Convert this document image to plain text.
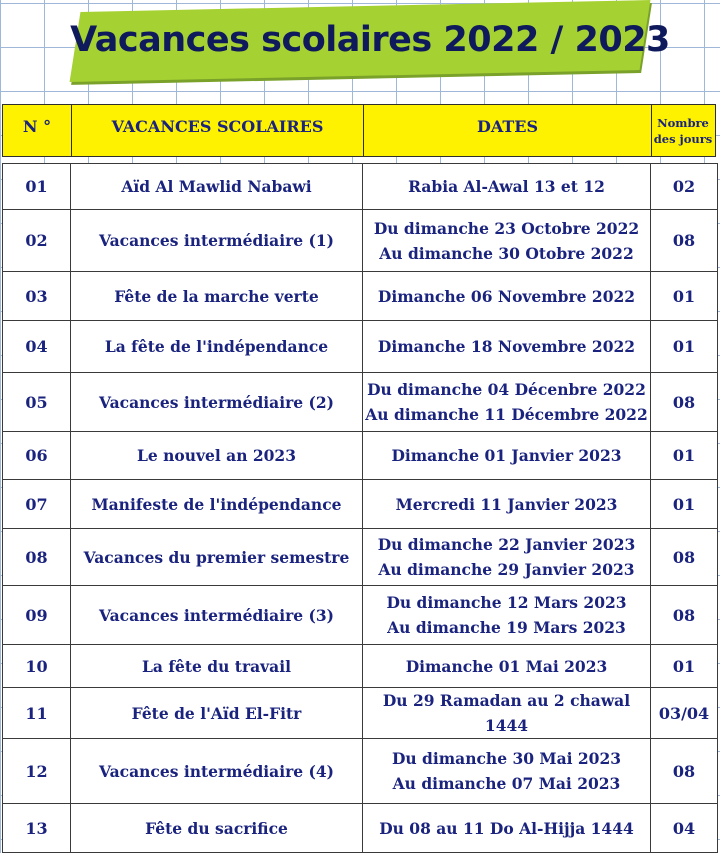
Vacances scolaires 2022 / 2023
N °	VACANCES SCOLAIRES	DATES	Nombre
des jours
01	Aïd Al Mawlid Nabawi	Rabia Al-Awal 13 et 12	02
02	Vacances intermédiaire (1)	Du dimanche 23 Octobre 2022
Au dimanche 30 Otobre 2022	08
03	Fête de la marche verte	Dimanche 06 Novembre 2022	01
04	La fête de l'indépendance	Dimanche 18 Novembre 2022	01
05	Vacances intermédiaire (2)	Du dimanche 04 Décenbre 2022
Au dimanche 11 Décembre 2022	08
06	Le nouvel an 2023	Dimanche 01 Janvier 2023	01
07	Manifeste de l'indépendance	Mercredi 11 Janvier 2023	01
08	Vacances du premier semestre	Du dimanche 22 Janvier 2023
Au dimanche 29 Janvier 2023	08
09	Vacances intermédiaire (3)	Du dimanche 12 Mars 2023
Au dimanche 19 Mars 2023	08
10	La fête du travail	Dimanche 01 Mai 2023	01
11	Fête de l'Aïd El-Fitr	Du 29 Ramadan au 2 chawal 1444	03/04
12	Vacances intermédiaire (4)	Du dimanche 30 Mai 2023
Au dimanche 07 Mai 2023	08
13	Fête du sacrifice	Du 08 au 11 Do Al-Hijja 1444	04
